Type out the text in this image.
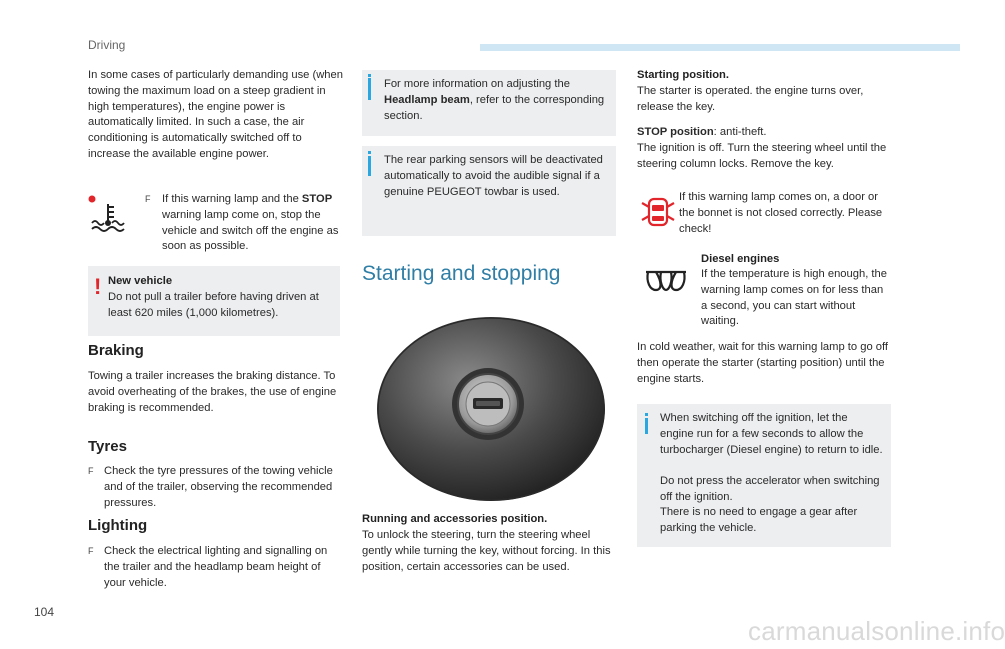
Driving

In some cases of particularly demanding use (when towing the maximum load on a steep gradient in high temperatures), the engine power is automatically limited. In such a case, the air conditioning is automatically switched off to increase the available engine power.

F If this warning lamp and the STOP warning lamp come on, stop the vehicle and switch off the engine as soon as possible.

! New vehicle

Do not pull a trailer before having driven at least 620 miles (1,000 kilometres).

Braking

Towing a trailer increases the braking distance. To avoid overheating of the brakes, the use of engine braking is recommended.

Tyres
F Check the tyre pressures of the towing vehicle and of the trailer, observing the recommended pressures.

Lighting
F Check the electrical lighting and signalling on the trailer and the headlamp beam height of your vehicle.

For more information on adjusting the Headlamp beam, refer to the corresponding section.

The rear parking sensors will be deactivated automatically to avoid the audible signal if a genuine PEUGEOT towbar is used.

Starting and stopping

Running and accessories position.

To unlock the steering, turn the steering wheel gently while turning the key, without forcing. In this position, certain accessories can be used.

Starting position.

The starter is operated. the engine turns over, release the key.

STOP position: anti-theft.

The ignition is off. Turn the steering wheel until the steering column locks. Remove the key.

If this warning lamp comes on, a door or the bonnet is not closed correctly. Please check!

Diesel engines

If the temperature is high enough, the warning lamp comes on for less than a second, you can start without waiting.

In cold weather, wait for this warning lamp to go off then operate the starter (starting position) until the engine starts.

When switching off the ignition, let the engine run for a few seconds to allow the turbocharger (Diesel engine) to return to idle.

Do not press the accelerator when switching off the ignition.

There is no need to engage a gear after parking the vehicle.

104
carmanualsonline.info
